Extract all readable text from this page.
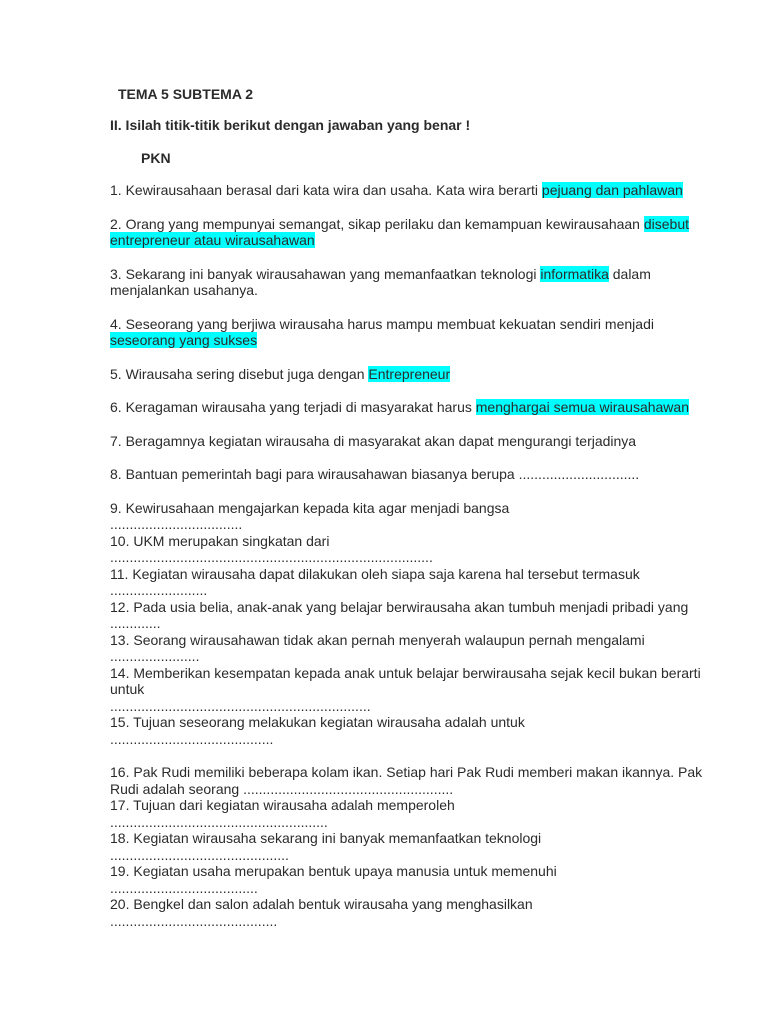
TEMA 5 SUBTEMA 2
II. Isilah titik-titik berikut dengan jawaban yang benar !
PKN
1. Kewirausahaan berasal dari kata wira dan usaha. Kata wira berarti pejuang dan pahlawan
2. Orang yang mempunyai semangat, sikap perilaku dan kemampuan kewirausahaan disebut entrepreneur atau wirausahawan
3. Sekarang ini banyak wirausahawan yang memanfaatkan teknologi informatika dalam menjalankan usahanya.
4. Seseorang yang berjiwa wirausaha harus mampu membuat kekuatan sendiri menjadi seseorang yang sukses
5. Wirausaha sering disebut juga dengan Entrepreneur
6. Keragaman wirausaha yang terjadi di masyarakat harus menghargai semua wirausahawan
7. Beragamnya kegiatan wirausaha di masyarakat akan dapat mengurangi terjadinya
8. Bantuan pemerintah bagi para wirausahawan biasanya berupa ...............................
9. Kewirusahaan mengajarkan kepada kita agar menjadi bangsa
..................................
10. UKM merupakan singkatan dari
...................................................................................
11. Kegiatan wirausaha dapat dilakukan oleh siapa saja karena hal tersebut termasuk
.........................
12. Pada usia belia, anak-anak yang belajar berwirausaha akan tumbuh menjadi pribadi yang .............
13. Seorang wirausahawan tidak akan pernah menyerah walaupun pernah mengalami
.......................
14. Memberikan kesempatan kepada anak untuk belajar berwirausaha sejak kecil bukan berarti untuk
...................................................................
15. Tujuan seseorang melakukan kegiatan wirausaha adalah untuk
..........................................
16. Pak Rudi memiliki beberapa kolam ikan. Setiap hari Pak Rudi memberi makan ikannya. Pak Rudi adalah seorang ......................................................
17. Tujuan dari kegiatan wirausaha adalah memperoleh
........................................................
18. Kegiatan wirausaha sekarang ini banyak memanfaatkan teknologi
..............................................
19. Kegiatan usaha merupakan bentuk upaya manusia untuk memenuhi
......................................
20. Bengkel dan salon adalah bentuk wirausaha yang menghasilkan
...........................................
